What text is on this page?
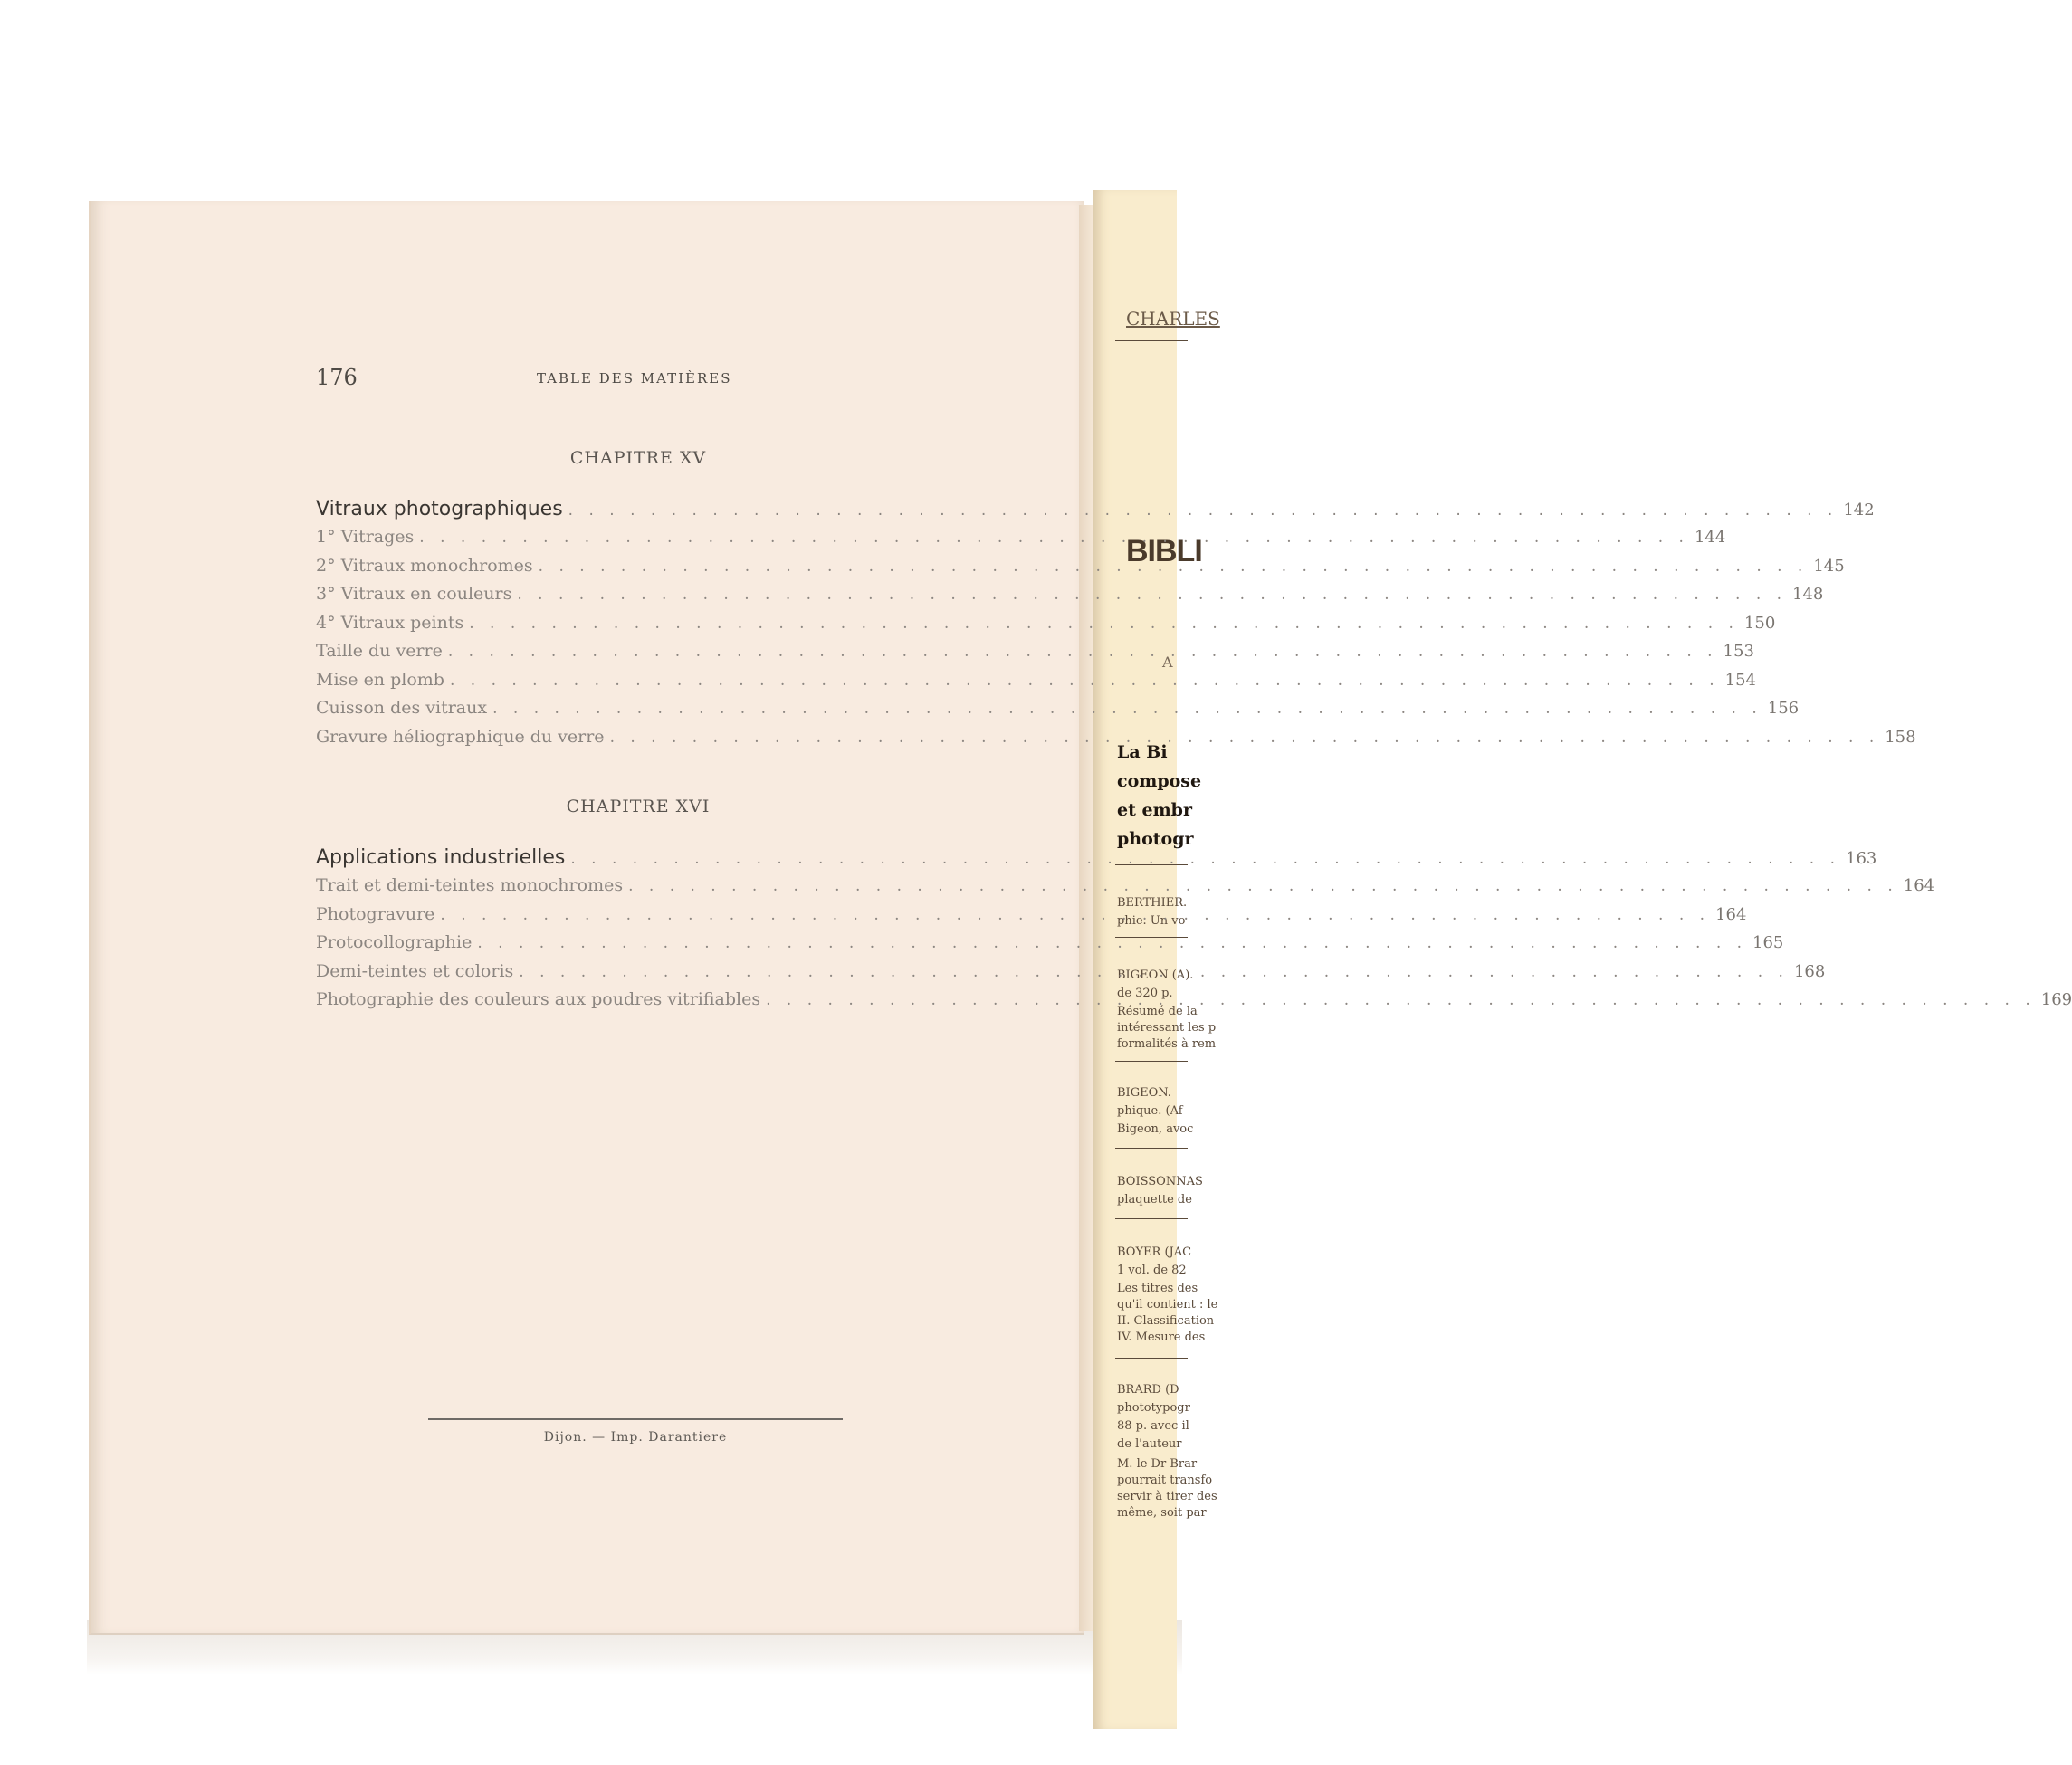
CHARLES
BIBLI
A
La Bi
compose
et embr
photogr
BERTHIER.
phie. Un vo
BIGEON (A).
de 320 p.
Résumé de la
intéressant les p
formalités à rem
BIGEON.
phique. (Af
Bigeon, avoc
BOISSONNAS
plaquette de
BOYER (JAC
1 vol. de 82
Les titres des
qu'il contient : le
II. Classification
IV. Mesure des
BRARD (D
phototypogr
88 p. avec il
de l'auteur
M. le Dr Brar
pourrait transfo
servir à tirer des
même, soit par
176	TABLE DES MATIÈRES
CHAPITRE XV
Vitraux photographiques . . .	142
1° Vitrages . . .	144
2° Vitraux monochromes . . .	145
3° Vitraux en couleurs . . .	148
4° Vitraux peints . . .	150
Taille du verre . . .	153
Mise en plomb . . .	154
Cuisson des vitraux . . .	156
Gravure héliographique du verre . . .	158
CHAPITRE XVI
Applications industrielles . . .	163
Trait et demi-teintes monochromes . . .	164
Photogravure . . .	164
Protocollographie . . .	165
Demi-teintes et coloris . . .	168
Photographie des couleurs aux poudres vitrifiables . . .	169
Dijon. — Imp. Darantiere
